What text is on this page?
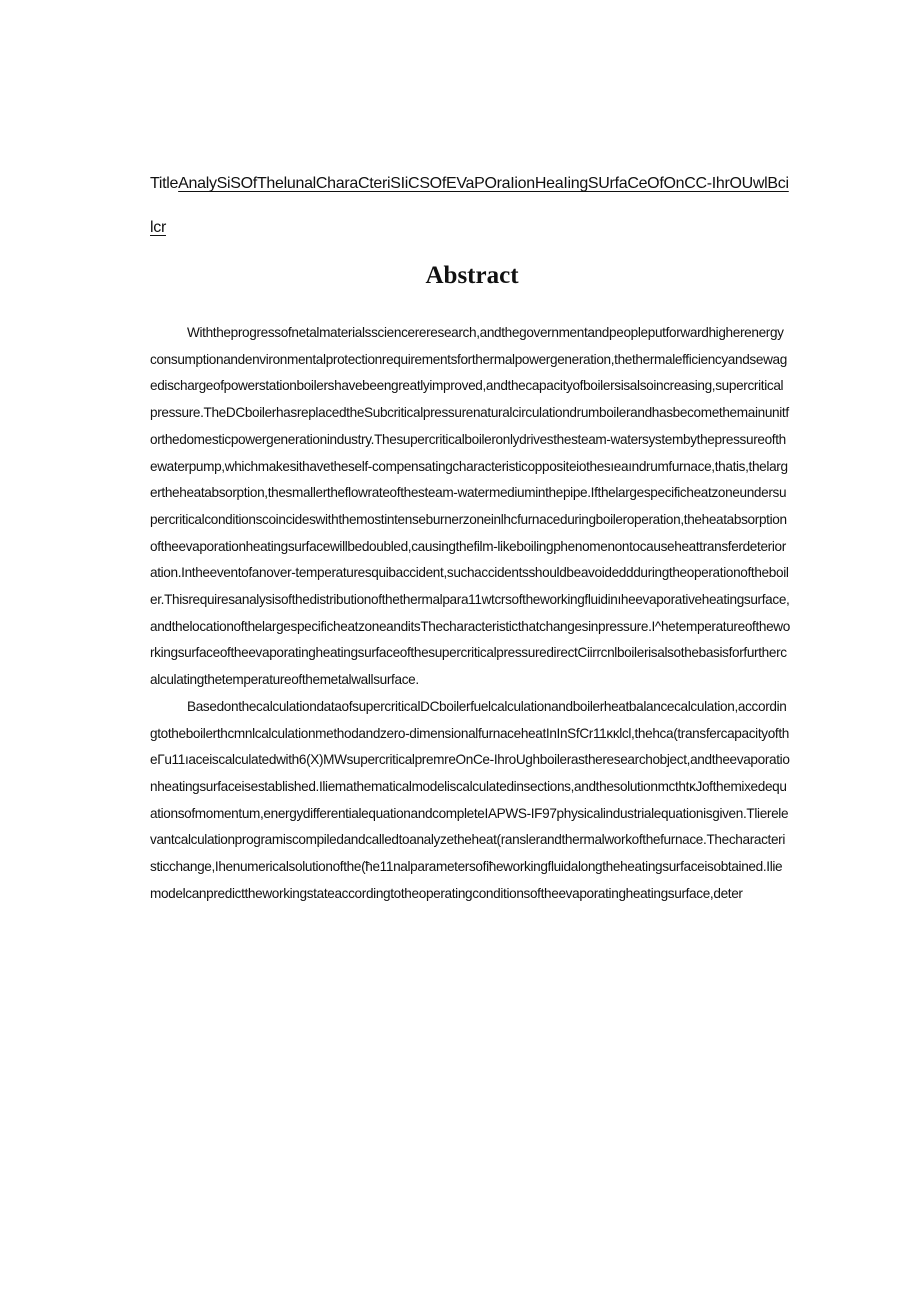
TitleAnalySiSOfThelunalCharaCteriSIiCSOfEVaPOraIionHeaIingSUrfaCeOfOnCC-IhrOUwlBcilcr
Abstract

Withtheprogressofnetalmaterialssciencereresearch,andthegovernmentandpeopleputforwardhigherenergyconsumptionandenvironmentalprotectionrequirementsforthermalpowergeneration,thethermalefficiencyandsewagedischargeofpowerstationboilershavebeengreatlyimproved,andthecapacityofboilersisalsoincreasing,supercriticalpressure.TheDCboilerhasreplacedtheSubcriticalpressurenaturalcirculationdrumboilerandhasbecomethemainunitforthedomesticpowergenerationindustry.Thesupercriticalboileronlydrivesthesteam-watersystembythepressureofthewaterpump,whichmakesithavetheself-compensatingcharacteristicoppositeiothesıeaındrumfurnace,thatis,thelargertheheatabsorption,thesmallertheflowrateofthesteam-watermediuminthepipe.Ifthelargespecificheatzoneundersupercriticalconditionscoincideswiththemostintenseburnerzoneinlhcfurnaceduringboileroperation,theheatabsorptionoftheevaporationheatingsurfacewillbedoubled,causingthefilm-likeboilingphenomenontocauseheattransferdeterioration.Intheeventofanover-temperaturesquibaccident,suchaccidentsshouldbeavoideddduringtheoperationoftheboiler.Thisrequiresanalysisofthedistributionofthethermalpara11wtcrsoftheworkingfluidinıheevaporativeheatingsurface,andthelocationofthelargespecificheatzoneanditsThecharacteristicthatchangesinpressure.I^hetemperatureoftheworkingsurfaceoftheevaporatingheatingsurfaceofthesupercriticalpressuredirectCiirrcnlboilerisalsothebasisforfurthercalculatingthetemperatureofthemetalwallsurface.

BasedonthecalculationdataofsupercriticalDCboilerfuelcalculationandboilerheatbalancecalculation,accordingtotheboilerthcmnlcalculationmethodandzero-dimensionalfurnaceheatInInSfCr11κκlcl,thehca(transfercapacityoftheΓu11ıaceiscalculatedwith6(X)MWsupercriticalpremreOnCe-IhrοUghboilerastheresearchobject,andtheevaporationheatingsurfaceisestablished.Iliemathematicalmodeliscalculatedinsections,andthesolutionmcthtκJofthemixedequationsofmomentum,energydifferentialequationandcompleteIAPWS-IF97physicalindustrialequationisgiven.Tlierelevantcalculationprogramiscompiledandcalledtoanalyzetheheat(ranslerandthermalworkofthefurnace.Thecharacteristicchange,Ihenumericalsolutionofthe(ħe11nalparametersofiħeworkingfluidalongtheheatingsurfaceisobtained.Iliemodelcanpredicttheworkingstateaccordingtotheoperatingconditionsoftheevaporatingheatingsurface,deter
